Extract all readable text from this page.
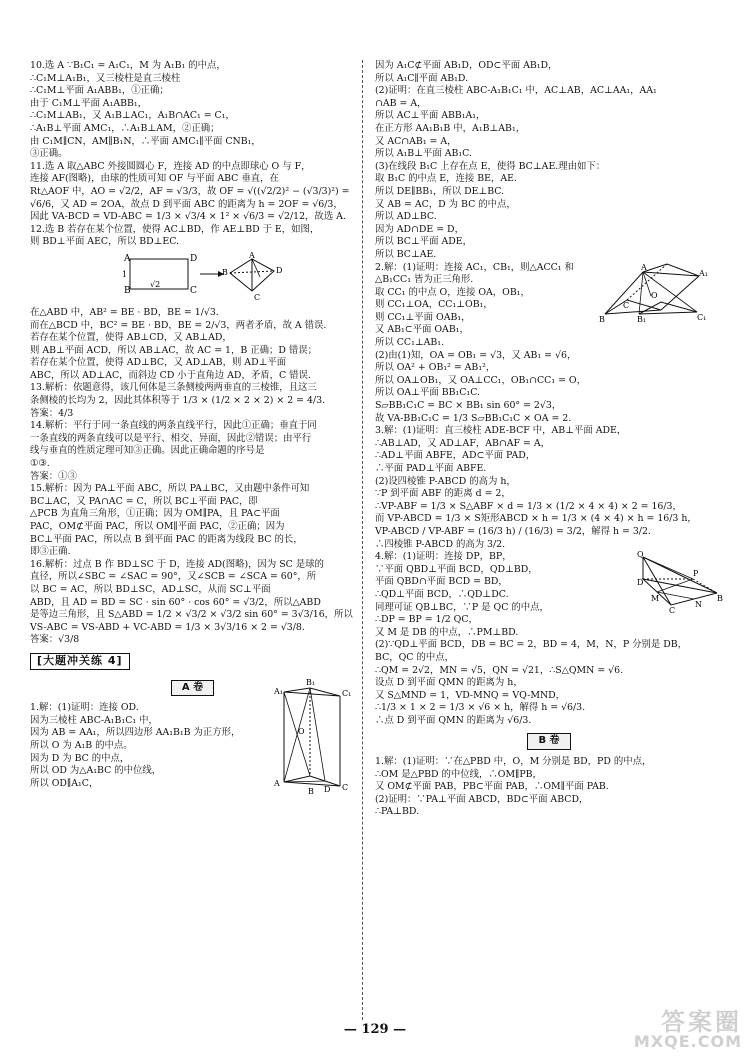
10.选 A ∵B₁C₁ = A₁C₁，M 为 A₁B₁ 的中点，
∴C₁M⊥A₁B₁，又三棱柱是直三棱柱
∴C₁M⊥平面 A₁ABB₁，①正确；
由于 C₁M⊥平面 A₁ABB₁，
∴C₁M⊥AB₁，又 A₁B⊥AC₁，A₁B∩AC₁ = C₁，
∴A₁B⊥平面 AMC₁，∴A₁B⊥AM，②正确；
由 C₁M∥CN，AM∥B₁N，∴平面 AMC₁∥平面 CNB₁，
③正确。
11.选 A 取△ABC 外接圆圆心 F，连接 AD 的中点即球心 O 与 F，
连接 AF(图略)，由球的性质可知 OF 与平面 ABC 垂直，在
Rt△AOF 中，AO = √2/2，AF = √3/3，故 OF = √((√2/2)² − (√3/3)²) =
√6/6，又 AD = 2OA，故点 D 到平面 ABC 的距离为 h = 2OF = √6/3，
因此 VA-BCD = VD-ABC = 1/3 × √3/4 × 1² × √6/3 = √2/12，故选 A.
12.选 B 若存在某个位置，使得 AC⊥BD，作 AE⊥BD 于 E，如图，
则 BD⊥平面 AEC，所以 BD⊥EC.
A
B	C
D
1
√2
B	D
A
C
在△ABD 中，AB² = BE · BD，BE = 1/√3.
而在△BCD 中，BC² = BE · BD，BE = 2/√3，两者矛盾，故 A 错误.
若存在某个位置，使得 AB⊥CD，又 AB⊥AD，
则 AB⊥平面 ACD，所以 AB⊥AC，故 AC = 1，B 正确；D 错误；
若存在某个位置，使得 AD⊥BC，又 AD⊥AB，则 AD⊥平面
ABC，所以 AD⊥AC，而斜边 CD 小于直角边 AD，矛盾，C 错误.
13.解析：依题意得，该几何体是三条侧棱两两垂直的三棱锥，且这三
条侧棱的长均为 2，因此其体积等于 1/3 × (1/2 × 2 × 2) × 2 = 4/3.
答案：4/3
14.解析：平行于同一条直线的两条直线平行，因此①正确；垂直于同
一条直线的两条直线可以是平行、相交、异面，因此②错误；由平行
线与垂直的性质定理可知③正确。因此正确命题的序号是
①③.
答案：①③
15.解析：因为 PA⊥平面 ABC，所以 PA⊥BC，又由题中条件可知
BC⊥AC，又 PA∩AC = C，所以 BC⊥平面 PAC，即
△PCB 为直角三角形，①正确；因为 OM∥PA，且 PA⊂平面
PAC，OM⊄平面 PAC，所以 OM∥平面 PAC，②正确；因为
BC⊥平面 PAC，所以点 B 到平面 PAC 的距离为线段 BC 的长，
即③正确.
16.解析：过点 B 作 BD⊥SC 于 D，连接 AD(图略)，因为 SC 是球的
直径，所以∠SBC = ∠SAC = 90°，又∠SCB = ∠SCA = 60°，所
以 BC = AC，所以 BD⊥SC，AD⊥SC，从而 SC⊥平面
ABD，且 AD = BD = SC · sin 60° · cos 60° = √3/2，所以△ABD
是等边三角形，且 S△ABD = 1/2 × √3/2 × √3/2 sin 60° = 3√3/16，所以
VS-ABC = VS-ABD + VC-ABD = 1/3 × 3√3/16 × 2 = √3/8.
答案：√3/8
[大题冲关练 4]
A 卷
1.解：(1)证明：连接 OD.
因为三棱柱 ABC-A₁B₁C₁ 中，
因为 AB = AA₁，所以四边形 AA₁B₁B 为正方形，
所以 O 为 A₁B 的中点。
因为 D 为 BC 的中点，
所以 OD 为△A₁BC 的中位线，
所以 OD∥A₁C，
A₁
B₁
C₁
A
B	C
D
O
因为 A₁C⊄平面 AB₁D，OD⊂平面 AB₁D，
所以 A₁C∥平面 AB₁D.
(2)证明：在直三棱柱 ABC-A₁B₁C₁ 中，AC⊥AB，AC⊥AA₁，AA₁
∩AB = A，
所以 AC⊥平面 ABB₁A₁，
在正方形 AA₁B₁B 中，A₁B⊥AB₁，
又 AC∩AB₁ = A，
所以 A₁B⊥平面 AB₁C.
(3)在线段 B₁C 上存在点 E，使得 BC⊥AE.理由如下：
取 B₁C 的中点 E，连接 BE，AE.
所以 DE∥BB₁，所以 DE⊥BC.
又 AB = AC，D 为 BC 的中点，
所以 AD⊥BC.
因为 AD∩DE = D，
所以 BC⊥平面 ADE，
所以 BC⊥AE.
2.解：(1)证明：连接 AC₁，CB₁，则△ACC₁ 和
△B₁CC₁ 皆为正三角形.
取 CC₁ 的中点 O，连接 OA，OB₁，
则 CC₁⊥OA，CC₁⊥OB₁，
则 CC₁⊥平面 OAB₁，
又 AB₁⊂平面 OAB₁，
所以 CC₁⊥AB₁.
(2)由(1)知，OA = OB₁ = √3，又 AB₁ = √6，
所以 OA² + OB₁² = AB₁²，
所以 OA⊥OB₁，又 OA⊥CC₁，OB₁∩CC₁ = O，
所以 OA⊥平面 BB₁C₁C.
S▱BB₁C₁C = BC × BB₁ sin 60° = 2√3，
故 VA-BB₁C₁C = 1/3 S▱BB₁C₁C × OA = 2.
A
A₁
B	B₁
C
C₁
O
3.解：(1)证明：直三棱柱 ADE-BCF 中，AB⊥平面 ADE，
∴AB⊥AD，又 AD⊥AF，AB∩AF = A，
∴AD⊥平面 ABFE，AD⊂平面 PAD，
∴平面 PAD⊥平面 ABFE.
(2)设四棱锥 P-ABCD 的高为 h，
∵P 到平面 ABF 的距离 d = 2，
∴VP-ABF = 1/3 × S△ABF × d = 1/3 × (1/2 × 4 × 4) × 2 = 16/3，
而 VP-ABCD = 1/3 × S矩形ABCD × h = 1/3 × (4 × 4) × h = 16/3 h，
VP-ABCD / VP-ABF = (16/3 h) / (16/3) = 3/2，解得 h = 3/2.
∴四棱锥 P-ABCD 的高为 3/2.
4.解：(1)证明：连接 DP，BP，
∵平面 QBD⊥平面 BCD，QD⊥BD，
平面 QBD∩平面 BCD = BD，
∴QD⊥平面 BCD，∴QD⊥DC.
同理可证 QB⊥BC，∵P 是 QC 的中点，
∴DP = BP = 1/2 QC，
又 M 是 DB 的中点，∴PM⊥BD.
(2)∵QD⊥平面 BCD，DB = BC = 2，BD = 4，M，N，P 分别是 DB，
BC，QC 的中点，
∴QM = 2√2，MN = √5，QN = √21，∴S△QMN = √6.
设点 D 到平面 QMN 的距离为 h，
又 S△MND = 1，VD-MNQ = VQ-MND，
∴1/3 × 1 × 2 = 1/3 × √6 × h，解得 h = √6/3.
∴点 D 到平面 QMN 的距离为 √6/3.
Q
P
D
B
C
M
N
B 卷
1.解：(1)证明：∵在△PBD 中，O，M 分别是 BD，PD 的中点，
∴OM 是△PBD 的中位线，∴OM∥PB，
又 OM⊄平面 PAB，PB⊂平面 PAB，∴OM∥平面 PAB.
(2)证明：∵PA⊥平面 ABCD，BD⊂平面 ABCD，
∴PA⊥BD.
— 129 —	答案圈
MXQE.COM
